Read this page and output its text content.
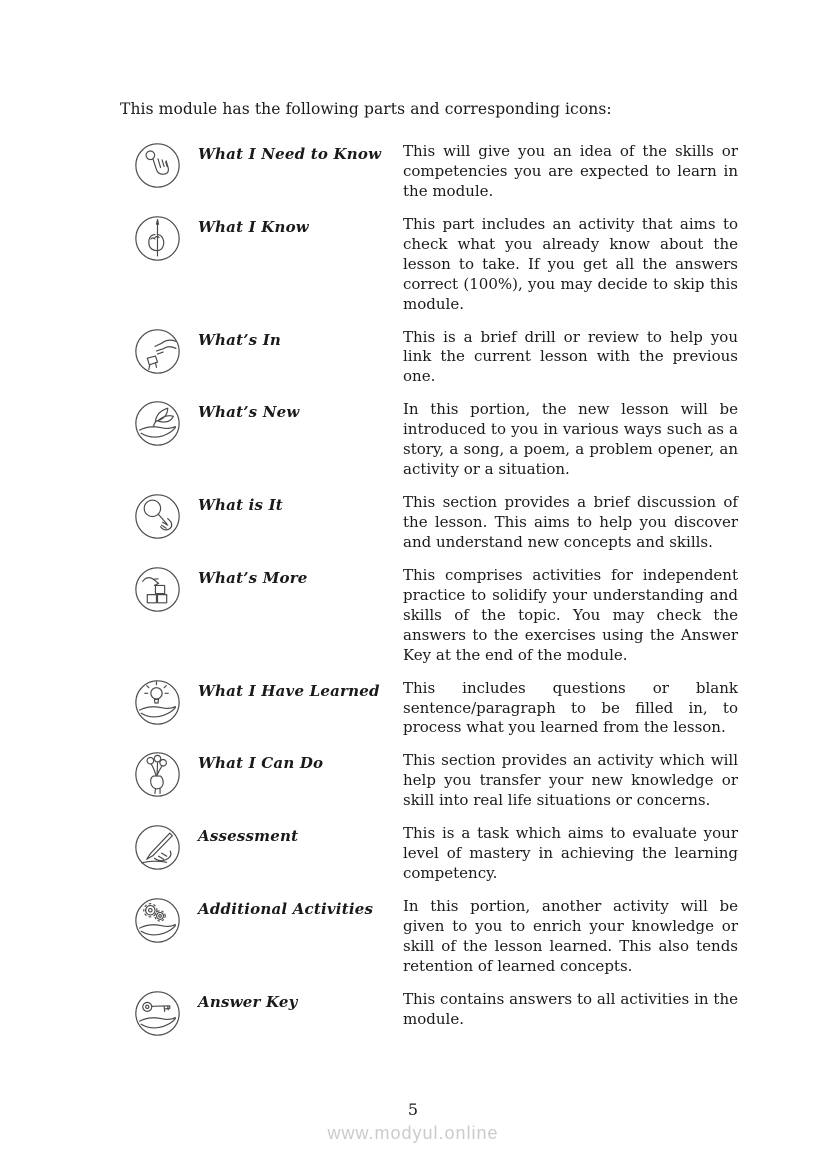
This module has the following parts and corresponding icons:

What I Need to Know	This will give you an idea of the skills or competencies you are expected to learn in the module.
What I Know	This part includes an activity that aims to check what you already know about the lesson to take. If you get all the answers correct (100%), you may decide to skip this module.
What’s In	This is a brief drill or review to help you link the current lesson with the previous one.
What’s New	In this portion, the new lesson will be introduced to you in various ways such as a story, a song, a poem, a problem opener, an activity or a situation.
What is It	This section provides a brief discussion of the lesson. This aims to help you discover and understand new concepts and skills.
What’s More	This comprises activities for independent practice to solidify your understanding and skills of the topic. You may check the answers to the exercises using the Answer Key at the end of the module.
What I Have Learned	This includes questions or blank sentence/paragraph to be filled in, to process what you learned from the lesson.
What I Can Do	This section provides an activity which will help you transfer your new knowledge or skill into real life situations or concerns.
Assessment	This is a task which aims to evaluate your level of mastery in achieving the learning competency.
Additional Activities	In this portion, another activity will be given to you to enrich your knowledge or skill of the lesson learned. This also tends retention of learned concepts.
Answer Key	This contains answers to all activities in the module.
5
www.modyul.online
